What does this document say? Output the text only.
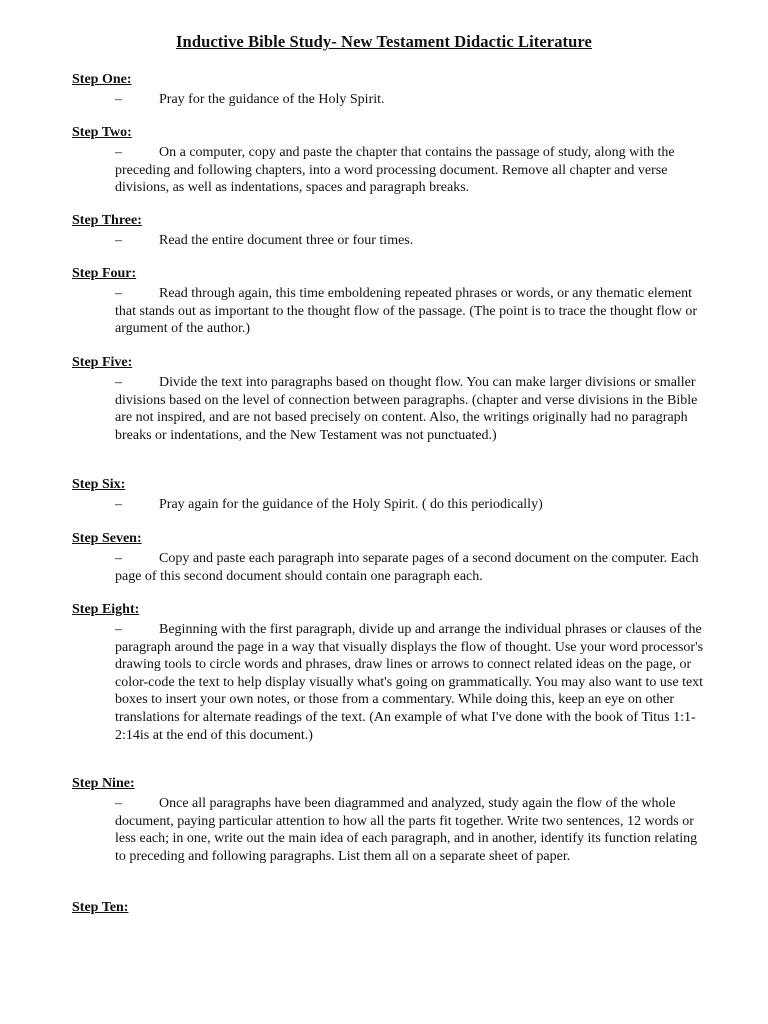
Inductive Bible Study- New Testament Didactic Literature
Step One:
–	Pray for the guidance of the Holy Spirit.
Step Two:
–	On a computer, copy and paste the chapter that contains the passage of study, along with the preceding and following chapters, into a word processing document. Remove all chapter and verse divisions, as well as indentations, spaces and paragraph breaks.
Step Three:
–	Read the entire document three or four times.
Step Four:
–	Read through again, this time emboldening repeated phrases or words, or any thematic element that stands out as important to the thought flow of the passage. (The point is to trace the thought flow or argument of the author.)
Step Five:
–	Divide the text into paragraphs based on thought flow. You can make larger divisions or smaller divisions based on the level of connection between paragraphs. (chapter and verse divisions in the Bible are not inspired, and are not based precisely on content. Also, the writings originally had no paragraph breaks or indentations, and the New Testament was not punctuated.)
Step Six:
–	Pray again for the guidance of the Holy Spirit. ( do this periodically)
Step Seven:
–	Copy and paste each paragraph into separate pages of a second document on the computer. Each page of this second document should contain one paragraph each.
Step Eight:
–	Beginning with the first paragraph, divide up and arrange the individual phrases or clauses of the paragraph around the page in a way that visually displays the flow of thought. Use your word processor's drawing tools to circle words and phrases, draw lines or arrows to connect related ideas on the page, or color-code the text to help display visually what's going on grammatically. You may also want to use text boxes to insert your own notes, or those from a commentary. While doing this, keep an eye on other translations for alternate readings of the text. (An example of what I've done with the book of Titus 1:1-2:14is at the end of this document.)
Step Nine:
–	Once all paragraphs have been diagrammed and analyzed, study again the flow of the whole document, paying particular attention to how all the parts fit together. Write two sentences, 12 words or less each; in one, write out the main idea of each paragraph, and in another, identify its function relating to preceding and following paragraphs. List them all on a separate sheet of paper.
Step Ten:
